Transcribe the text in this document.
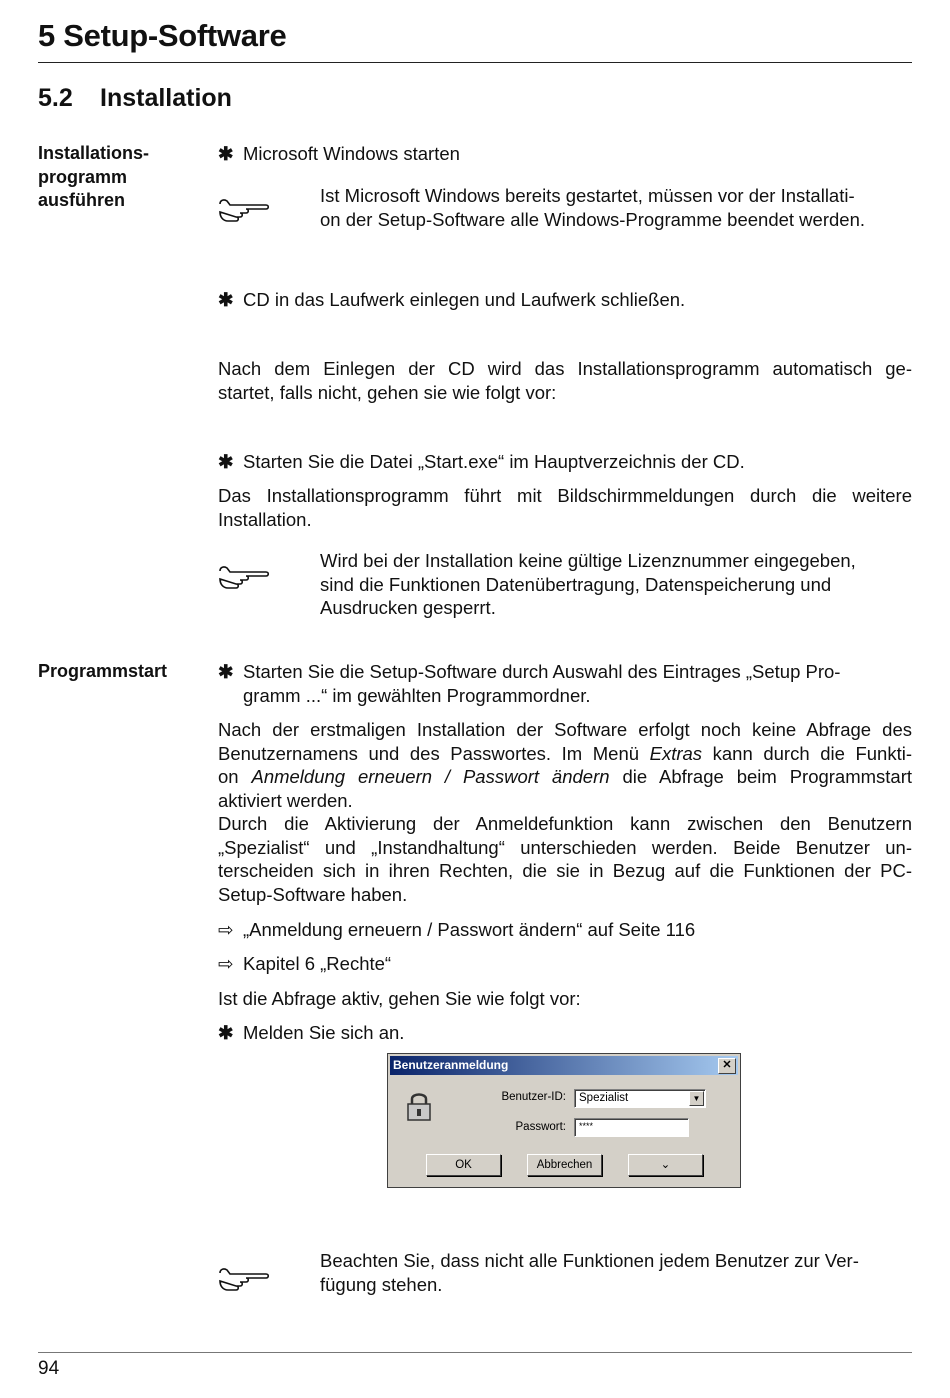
5 Setup-Software
5.2 Installation
Installations-
programm
ausführen
Programmstart
✱ Microsoft Windows starten
Ist Microsoft Windows bereits gestartet, müssen vor der Installati-
on der Setup-Software alle Windows-Programme beendet werden.
✱ CD in das Laufwerk einlegen und Laufwerk schließen.
Nach dem Einlegen der CD wird das Installationsprogramm automatisch ge-
startet, falls nicht, gehen sie wie folgt vor:
✱ Starten Sie die Datei „Start.exe“ im Hauptverzeichnis der CD.
Das Installationsprogramm führt mit Bildschirmmeldungen durch die weitere
Installation.
Wird bei der Installation keine gültige Lizenznummer eingegeben,
sind die Funktionen Datenübertragung, Datenspeicherung und
Ausdrucken gesperrt.
✱ Starten Sie die Setup-Software durch Auswahl des Eintrages „Setup Pro-
gramm ...“ im gewählten Programmordner.
Nach der erstmaligen Installation der Software erfolgt noch keine Abfrage des
Benutzernamens und des Passwortes. Im Menü Extras kann durch die Funkti-
on Anmeldung erneuern / Passwort ändern die Abfrage beim Programmstart
aktiviert werden.
Durch die Aktivierung der Anmeldefunktion kann zwischen den Benutzern
„Spezialist“ und „Instandhaltung“ unterschieden werden. Beide Benutzer un-
terscheiden sich in ihren Rechten, die sie in Bezug auf die Funktionen der PC-
Setup-Software haben.
⇨ „Anmeldung erneuern / Passwort ändern“ auf Seite 116
⇨ Kapitel 6 „Rechte“
Ist die Abfrage aktiv, gehen Sie wie folgt vor:
✱ Melden Sie sich an.
Benutzeranmeldung	✕
Benutzer-ID:	Spezialist	▼
Passwort:	****
OK	Abbrechen	⌄
Beachten Sie, dass nicht alle Funktionen jedem Benutzer zur Ver-
fügung stehen.
94
